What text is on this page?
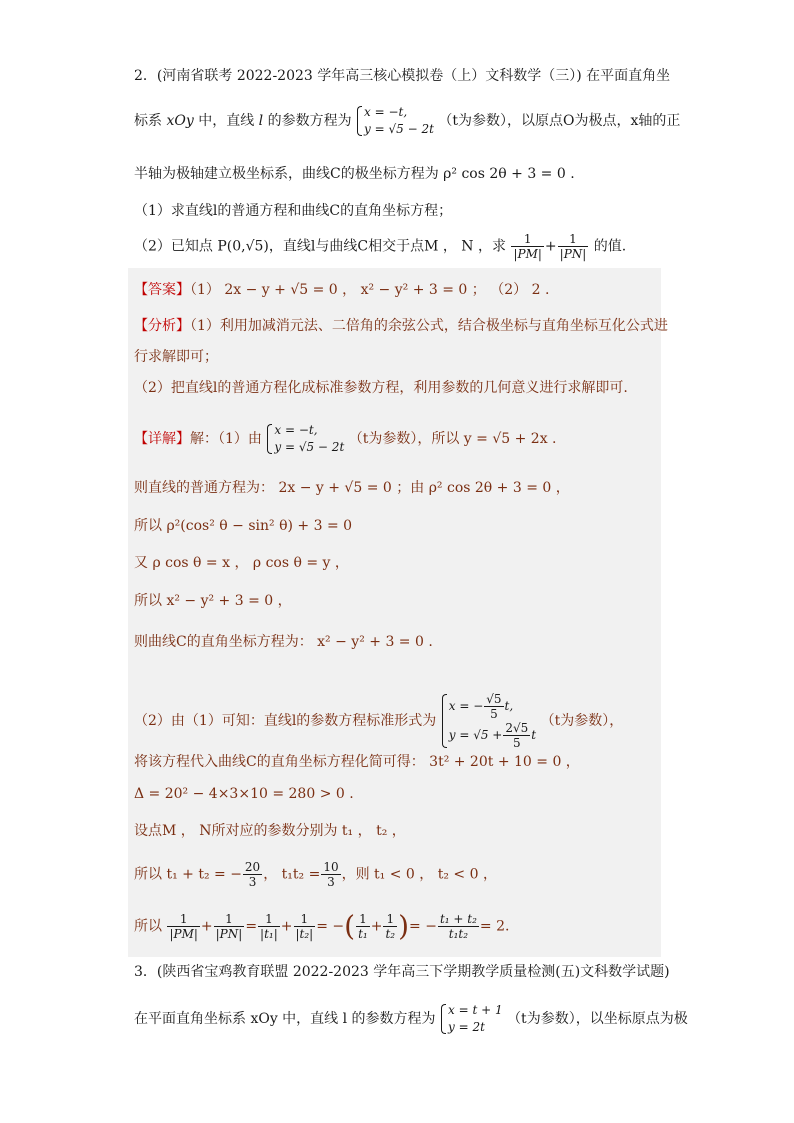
2．(河南省联考 2022-2023 学年高三核心模拟卷（上）文科数学（三）) 在平面直角坐
标系 xOy 中，直线 l 的参数方程为
x = −t,
y = √5 − 2t （t为参数），以原点O为极点，x轴的正
半轴为极轴建立极坐标系，曲线C的极坐标方程为 ρ² cos 2θ + 3 = 0 .
（1）求直线l的普通方程和曲线C的直角坐标方程；
（2）已知点 P(0,√5)，直线l与曲线C相交于点M ， N ，求 $\frac{1}{|PM|} + \frac{1}{|PN|}$ 的值.
【答案】（1） 2x − y + √5 = 0 ， x² − y² + 3 = 0 ； （2） 2 .
【分析】（1）利用加减消元法、二倍角的余弦公式，结合极坐标与直角坐标互化公式进
行求解即可；
（2）把直线l的普通方程化成标准参数方程，利用参数的几何意义进行求解即可.
【详解】解：（1）由
x = −t,
y = √5 − 2t （t为参数），所以 y = √5 + 2x .
则直线的普通方程为： 2x − y + √5 = 0 ；由 ρ² cos 2θ + 3 = 0 ，
所以 ρ²(cos² θ − sin² θ) + 3 = 0
又 ρ cos θ = x ， ρ cos θ = y ，
所以 x² − y² + 3 = 0 ，
则曲线C的直角坐标方程为： x² − y² + 3 = 0 .
（2）由（1）可知：直线l的参数方程标准形式为
x = − $\frac{√5}{5} t$,
$y = √5 + \frac{2√5}{5}$ t
（t为参数），
将该方程代入曲线C的直角坐标方程化简可得： 3t² + 20t + 10 = 0 ，
Δ = 20² − 4×3×10 = 280 > 0 .
设点M ， N所对应的参数分别为 t₁ ， t₂ ，
所以 t₁ + t₂ = − $\frac{20}{3}$ ， $t_1t_2 = \frac{10}{3}$ ，则 t₁ < 0 ， t₂ < 0 ，
所以 $\frac{1}{|PM|} + \frac{1}{|PN|} = \frac{1}{\text{|t₁|}} + \frac{1}{\text{|t₂|}}$ = −( $\frac{1}{\text{t₁}} + \frac{1}{\text{t₂}}$ )= − $\frac{\text{t₁ + t₂}}{\text{t₁t₂}} = 2$.
3．(陕西省宝鸡教育联盟 2022-2023 学年高三下学期教学质量检测(五)文科数学试题)
在平面直角坐标系 xOy 中，直线 l 的参数方程为
x = t + 1
y = 2t	（t为参数），以坐标原点为极
